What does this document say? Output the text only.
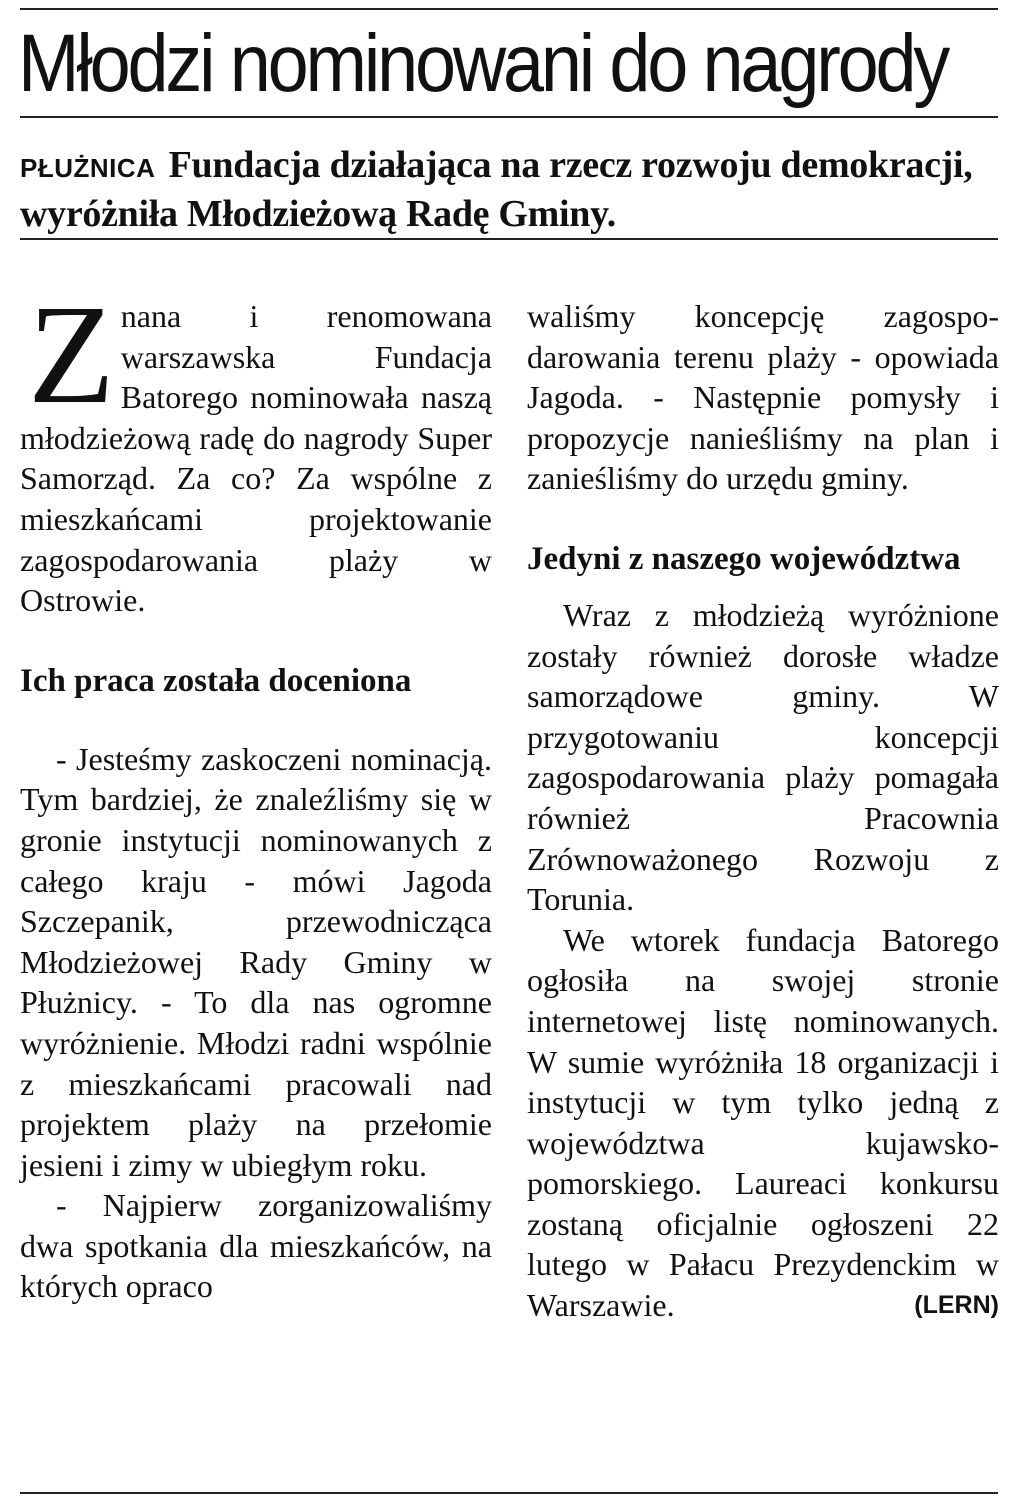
Młodzi nominowani do nagrody

PŁUŻNICA Fundacja działająca na rzecz rozwoju demokracji, wyróżniła Młodzieżową Radę Gminy.

Znana i renomowana warszawska Fundacja Batorego nominowała naszą młodzieżową radę do nagrody Super Samorząd. Za co? Za wspólne z mieszkańcami projektowanie zagospodarowania plaży w Ostrowie.

Ich praca została doceniona

- Jesteśmy zaskoczeni nominacją. Tym bardziej, że znaleźliśmy się w gronie instytucji nominowanych z całego kraju - mówi Jagoda Szczepanik, przewodnicząca Młodzieżowej Rady Gminy w Płużnicy. - To dla nas ogromne wyróżnienie. Młodzi radni wspólnie z mieszkańcami pracowali nad projektem plaży na przełomie jesieni i zimy w ubiegłym roku.

- Najpierw zorganizowaliśmy dwa spotkania dla mieszkańców, na których opraco

waliśmy koncepcję zagospodarowania terenu plaży - opowiada Jagoda. - Następnie pomysły i propozycje nanieśliśmy na plan i zanieśliśmy do urzędu gminy.

Jedyni z naszego województwa

Wraz z młodzieżą wyróżnione zostały również dorosłe władze samorządowe gminy. W przygotowaniu koncepcji zagospodarowania plaży pomagała również Pracownia Zrównoważonego Rozwoju z Torunia.

We wtorek fundacja Batorego ogłosiła na swojej stronie internetowej listę nominowanych. W sumie wyróżniła 18 organizacji i instytucji w tym tylko jedną z województwa kujawsko-pomorskiego. Laureaci konkursu zostaną oficjalnie ogłoszeni 22 lutego w Pałacu Prezydenckim w Warszawie.	(LERN)
